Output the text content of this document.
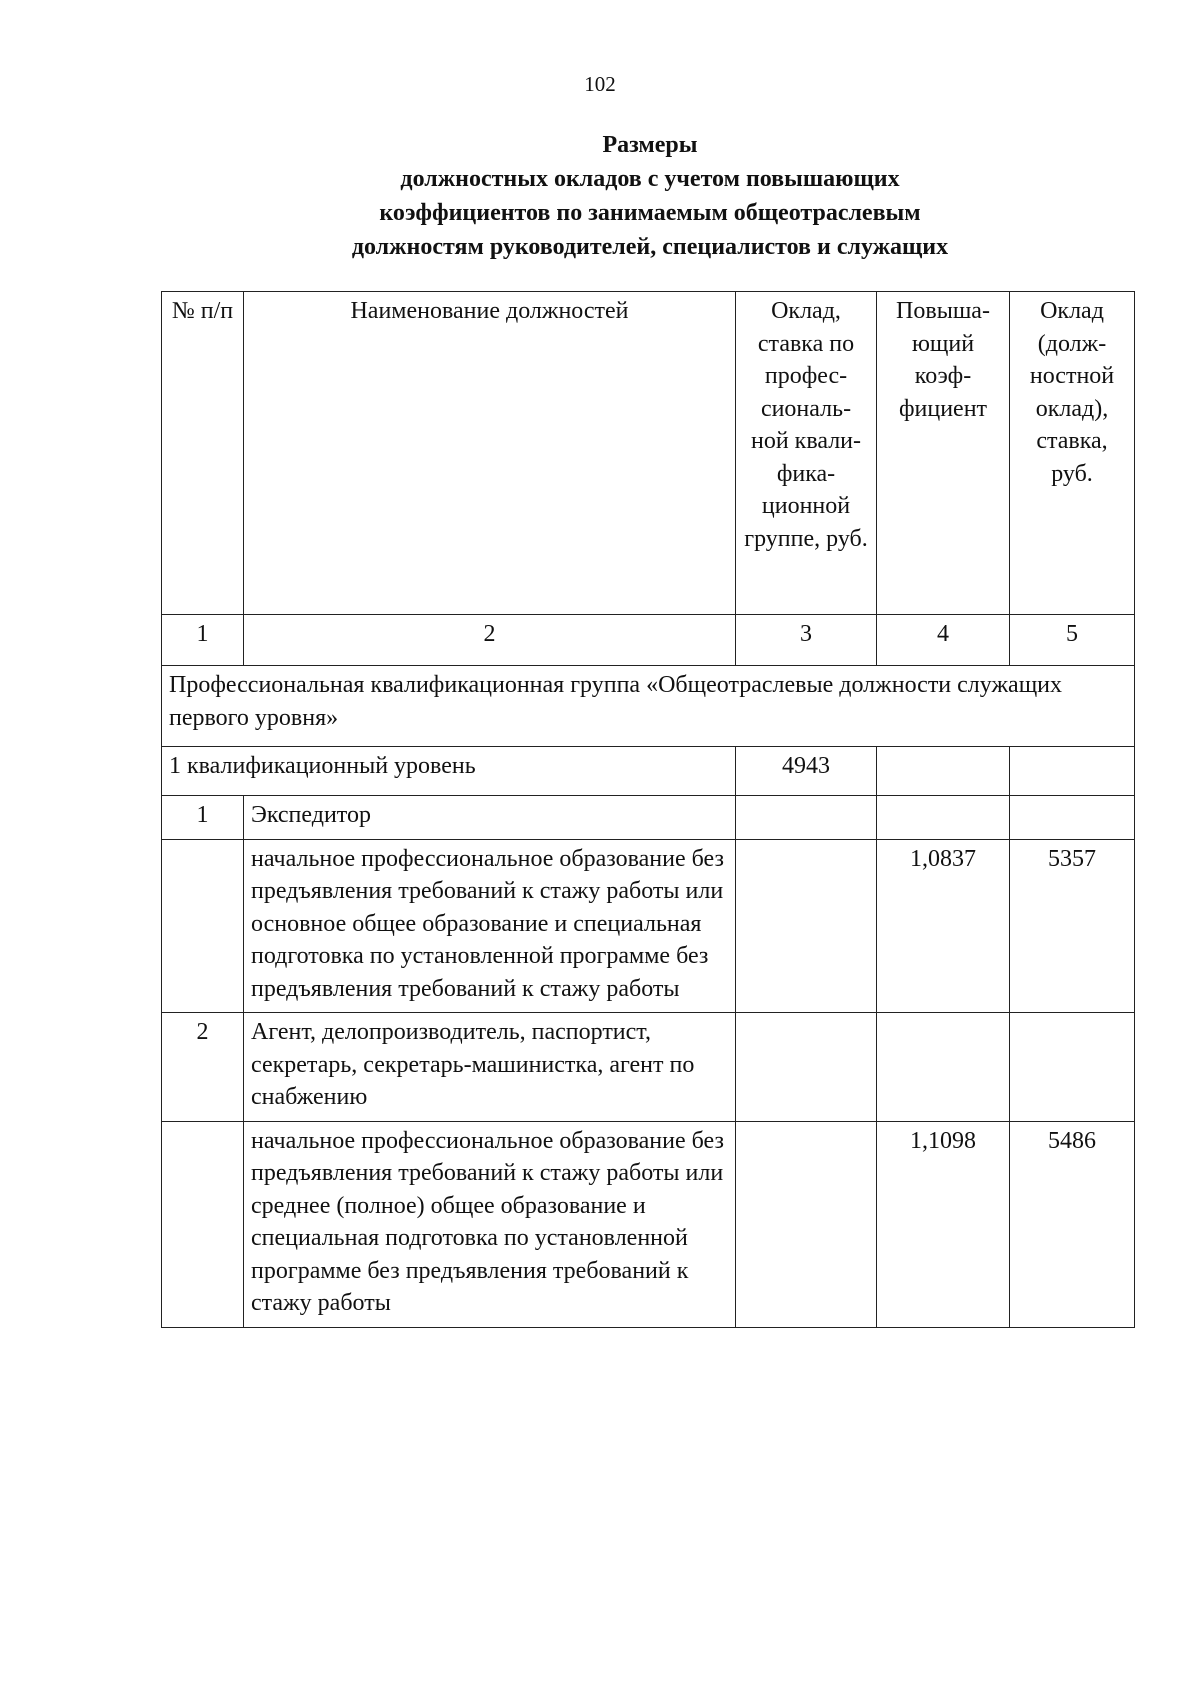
102
Размеры
должностных окладов с учетом повышающих
коэффициентов по занимаемым общеотраслевым
должностям руководителей, специалистов и служащих
№ п/п	Наименование должностей	Оклад, ставка по профес- сиональ- ной квали- фика- ционной группе, руб.	Повыша- ющий коэф- фициент	Оклад (долж- ностной оклад), ставка, руб.
1	2	3	4	5
Профессиональная квалификационная группа «Общеотраслевые должности служащих первого уровня»				
1 квалификационный уровень		4943		
1	Экспедитор			
	начальное профессиональное образование без предъявления требований к стажу работы или основное общее образование и специальная подготовка по установленной программе без предъявления требований к стажу работы		1,0837	5357
2	Агент, делопроизводитель, паспортист, секретарь, секретарь-машинистка, агент по снабжению			
	начальное профессиональное образование без предъявления требований к стажу работы или среднее (полное) общее образование и специальная подготовка по установленной программе без предъявления требований к стажу работы		1,1098	5486
